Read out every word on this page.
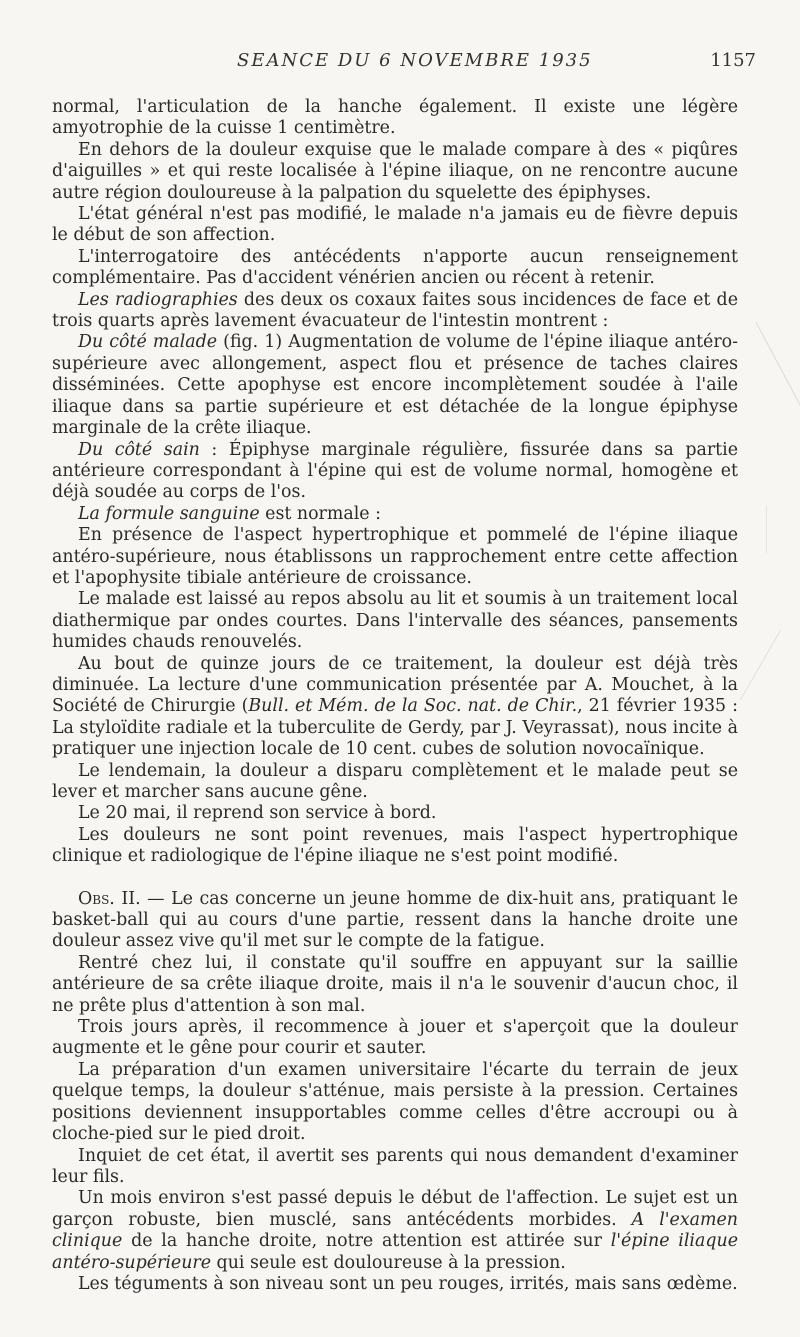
SEANCE DU 6 NOVEMBRE 1935	1157

normal, l'articulation de la hanche également. Il existe une légère amyotrophie de la cuisse 1 centimètre.

En dehors de la douleur exquise que le malade compare à des « piqûres d'aiguilles » et qui reste localisée à l'épine iliaque, on ne rencontre aucune autre région douloureuse à la palpation du squelette des épiphyses.

L'état général n'est pas modifié, le malade n'a jamais eu de fièvre depuis le début de son affection.

L'interrogatoire des antécédents n'apporte aucun renseignement complémentaire. Pas d'accident vénérien ancien ou récent à retenir.

Les radiographies des deux os coxaux faites sous incidences de face et de trois quarts après lavement évacuateur de l'intestin montrent :

Du côté malade (fig. 1) Augmentation de volume de l'épine iliaque antéro-supérieure avec allongement, aspect flou et présence de taches claires disséminées. Cette apophyse est encore incomplètement soudée à l'aile iliaque dans sa partie supérieure et est détachée de la longue épiphyse marginale de la crête iliaque.

Du côté sain : Épiphyse marginale régulière, fissurée dans sa partie antérieure correspondant à l'épine qui est de volume normal, homogène et déjà soudée au corps de l'os.

La formule sanguine est normale :

En présence de l'aspect hypertrophique et pommelé de l'épine iliaque antéro-supérieure, nous établissons un rapprochement entre cette affection et l'apophysite tibiale antérieure de croissance.

Le malade est laissé au repos absolu au lit et soumis à un traitement local diathermique par ondes courtes. Dans l'intervalle des séances, pansements humides chauds renouvelés.

Au bout de quinze jours de ce traitement, la douleur est déjà très diminuée. La lecture d'une communication présentée par A. Mouchet, à la Société de Chirurgie (Bull. et Mém. de la Soc. nat. de Chir., 21 février 1935 : La styloïdite radiale et la tuberculite de Gerdy, par J. Veyrassat), nous incite à pratiquer une injection locale de 10 cent. cubes de solution novocaïnique.

Le lendemain, la douleur a disparu complètement et le malade peut se lever et marcher sans aucune gêne.

Le 20 mai, il reprend son service à bord.

Les douleurs ne sont point revenues, mais l'aspect hypertrophique clinique et radiologique de l'épine iliaque ne s'est point modifié.

Obs. II. — Le cas concerne un jeune homme de dix-huit ans, pratiquant le basket-ball qui au cours d'une partie, ressent dans la hanche droite une douleur assez vive qu'il met sur le compte de la fatigue.

Rentré chez lui, il constate qu'il souffre en appuyant sur la saillie antérieure de sa crête iliaque droite, mais il n'a le souvenir d'aucun choc, il ne prête plus d'attention à son mal.

Trois jours après, il recommence à jouer et s'aperçoit que la douleur augmente et le gêne pour courir et sauter.

La préparation d'un examen universitaire l'écarte du terrain de jeux quelque temps, la douleur s'atténue, mais persiste à la pression. Certaines positions deviennent insupportables comme celles d'être accroupi ou à cloche-pied sur le pied droit.

Inquiet de cet état, il avertit ses parents qui nous demandent d'examiner leur fils.

Un mois environ s'est passé depuis le début de l'affection. Le sujet est un garçon robuste, bien musclé, sans antécédents morbides. A l'examen clinique de la hanche droite, notre attention est attirée sur l'épine iliaque antéro-supérieure qui seule est douloureuse à la pression.

Les téguments à son niveau sont un peu rouges, irrités, mais sans œdème.
